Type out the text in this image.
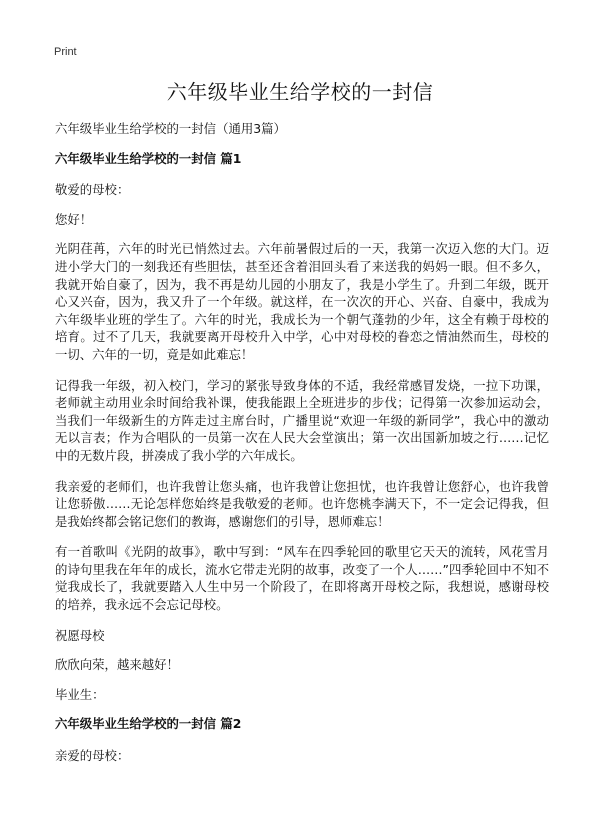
Print
六年级毕业生给学校的一封信

六年级毕业生给学校的一封信（通用3篇）

六年级毕业生给学校的一封信 篇1

敬爱的母校：

您好！

光阴荏苒，六年的时光已悄然过去。六年前暑假过后的一天，我第一次迈入您的大门。迈进小学大门的一刻我还有些胆怯，甚至还含着泪回头看了来送我的妈妈一眼。但不多久，我就开始自豪了，因为，我不再是幼儿园的小朋友了，我是小学生了。升到二年级，既开心又兴奋，因为，我又升了一个年级。就这样，在一次次的开心、兴奋、自豪中，我成为六年级毕业班的学生了。六年的时光，我成长为一个朝气蓬勃的少年，这全有赖于母校的培育。过不了几天，我就要离开母校升入中学，心中对母校的眷恋之情油然而生，母校的一切、六年的一切，竟是如此难忘！

记得我一年级，初入校门，学习的紧张导致身体的不适，我经常感冒发烧，一拉下功课，老师就主动用业余时间给我补课，使我能跟上全班进步的步伐；记得第一次参加运动会，当我们一年级新生的方阵走过主席台时，广播里说“欢迎一年级的新同学”，我心中的激动无以言表；作为合唱队的一员第一次在人民大会堂演出；第一次出国新加坡之行……记忆中的无数片段，拼凑成了我小学的六年成长。

我亲爱的老师们，也许我曾让您头痛，也许我曾让您担忧，也许我曾让您舒心，也许我曾让您骄傲……无论怎样您始终是我敬爱的老师。也许您桃李满天下，不一定会记得我，但是我始终都会铭记您们的教诲，感谢您们的引导，恩师难忘！

有一首歌叫《光阴的故事》，歌中写到：“风车在四季轮回的歌里它天天的流转，风花雪月的诗句里我在年年的成长，流水它带走光阴的故事，改变了一个人……”四季轮回中不知不觉我成长了，我就要踏入人生中另一个阶段了，在即将离开母校之际，我想说，感谢母校的培养，我永远不会忘记母校。

祝愿母校

欣欣向荣，越来越好！

毕业生：

六年级毕业生给学校的一封信 篇2

亲爱的母校：
